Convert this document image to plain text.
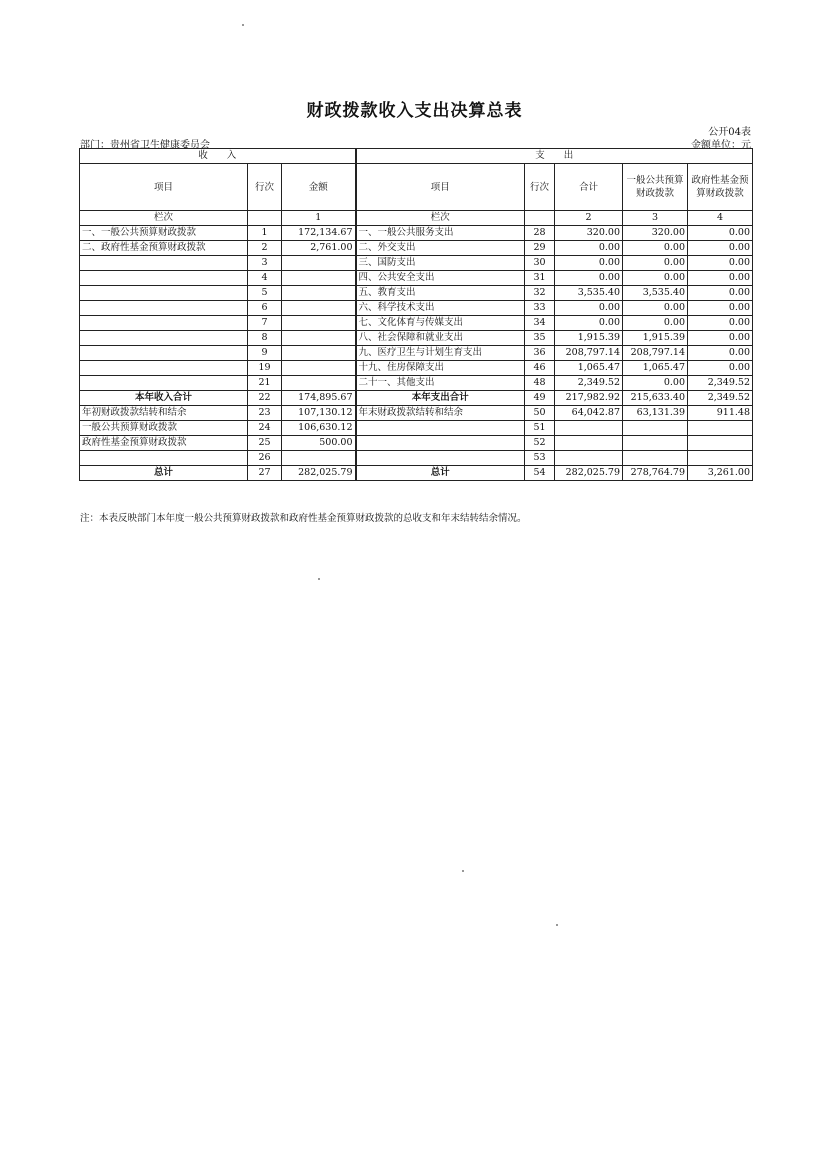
财政拨款收入支出决算总表
公开04表
部门：贵州省卫生健康委员会	金额单位：元
收　　入			支　　出				
项目	行次	金额	项目	行次	合计	一般公共预算财政拨款	政府性基金预算财政拨款
栏次		1	栏次		2	3	4
一、一般公共预算财政拨款	1	172,134.67	一、一般公共服务支出	28	320.00	320.00	0.00
二、政府性基金预算财政拨款	2	2,761.00	二、外交支出	29	0.00	0.00	0.00
	3		三、国防支出	30	0.00	0.00	0.00
	4		四、公共安全支出	31	0.00	0.00	0.00
	5		五、教育支出	32	3,535.40	3,535.40	0.00
	6		六、科学技术支出	33	0.00	0.00	0.00
	7		七、文化体育与传媒支出	34	0.00	0.00	0.00
	8		八、社会保障和就业支出	35	1,915.39	1,915.39	0.00
	9		九、医疗卫生与计划生育支出	36	208,797.14	208,797.14	0.00
	19		十九、住房保障支出	46	1,065.47	1,065.47	0.00
	21		二十一、其他支出	48	2,349.52	0.00	2,349.52
本年收入合计	22	174,895.67	本年支出合计	49	217,982.92	215,633.40	2,349.52
年初财政拨款结转和结余	23	107,130.12	年末财政拨款结转和结余	50	64,042.87	63,131.39	911.48
一般公共预算财政拨款	24	106,630.12		51			
政府性基金预算财政拨款	25	500.00		52			
	26			53			
总计	27	282,025.79	总计	54	282,025.79	278,764.79	3,261.00
注：本表反映部门本年度一般公共预算财政拨款和政府性基金预算财政拨款的总收支和年末结转结余情况。
